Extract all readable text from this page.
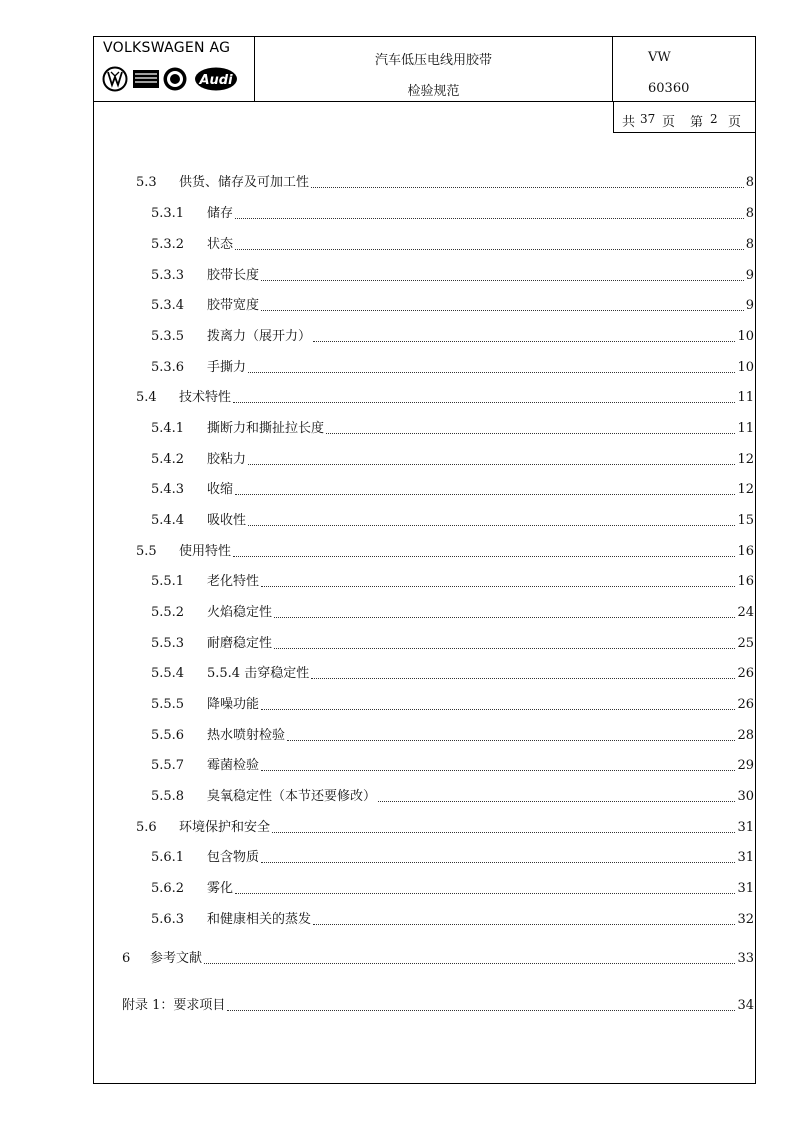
VOLKSWAGEN AG
Audi
汽车低压电线用胶带
检验规范
VW
60360
共 37 页 第 2 页
5.3	供货、储存及可加工性	8
5.3.1	储存	8
5.3.2	状态	8
5.3.3	胶带长度	9
5.3.4	胶带宽度	9
5.3.5	拨离力（展开力）	10
5.3.6	手撕力	10
5.4	技术特性	11
5.4.1	撕断力和撕扯拉长度	11
5.4.2	胶粘力	12
5.4.3	收缩	12
5.4.4	吸收性	15
5.5	使用特性	16
5.5.1	老化特性	16
5.5.2	火焰稳定性	24
5.5.3	耐磨稳定性	25
5.5.4	5.5.4 击穿稳定性	26
5.5.5	降噪功能	26
5.5.6	热水喷射检验	28
5.5.7	霉菌检验	29
5.5.8	臭氧稳定性（本节还要修改）	30
5.6	环境保护和安全	31
5.6.1	包含物质	31
5.6.2	雾化	31
5.6.3	和健康相关的蒸发	32
6	参考文献	33
附录 1：要求项目	34
